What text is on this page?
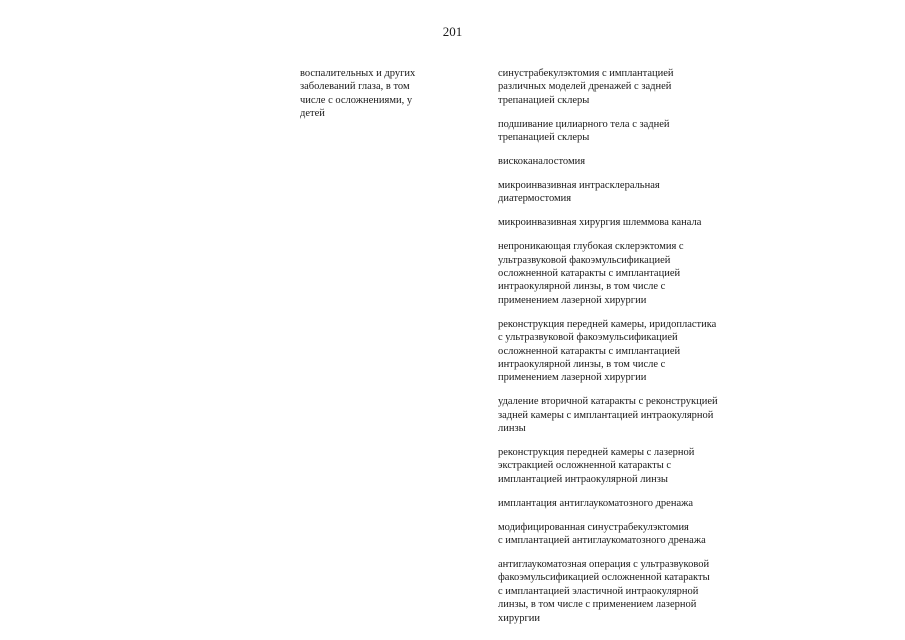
201
воспалительных и других
заболеваний глаза, в том
числе с осложнениями, у
детей
синустрабекулэктомия с имплантацией
различных моделей дренажей с задней
трепанацией склеры
подшивание цилиарного тела с задней
трепанацией склеры
вискоканалостомия
микроинвазивная интрасклеральная
диатермостомия
микроинвазивная хирургия шлеммова канала
непроникающая глубокая склерэктомия с
ультразвуковой факоэмульсификацией
осложненной катаракты с имплантацией
интраокулярной линзы, в том числе с
применением лазерной хирургии
реконструкция передней камеры, иридопластика
с ультразвуковой факоэмульсификацией
осложненной катаракты с имплантацией
интраокулярной линзы, в том числе с
применением лазерной хирургии
удаление вторичной катаракты с реконструкцией
задней камеры с имплантацией интраокулярной
линзы
реконструкция передней камеры с лазерной
экстракцией осложненной катаракты с
имплантацией интраокулярной линзы
имплантация антиглаукоматозного дренажа
модифицированная синустрабекулэктомия
с имплантацией антиглаукоматозного дренажа
антиглаукоматозная операция с ультразвуковой
факоэмульсификацией осложненной катаракты
с имплантацией эластичной интраокулярной
линзы, в том числе с применением лазерной
хирургии
